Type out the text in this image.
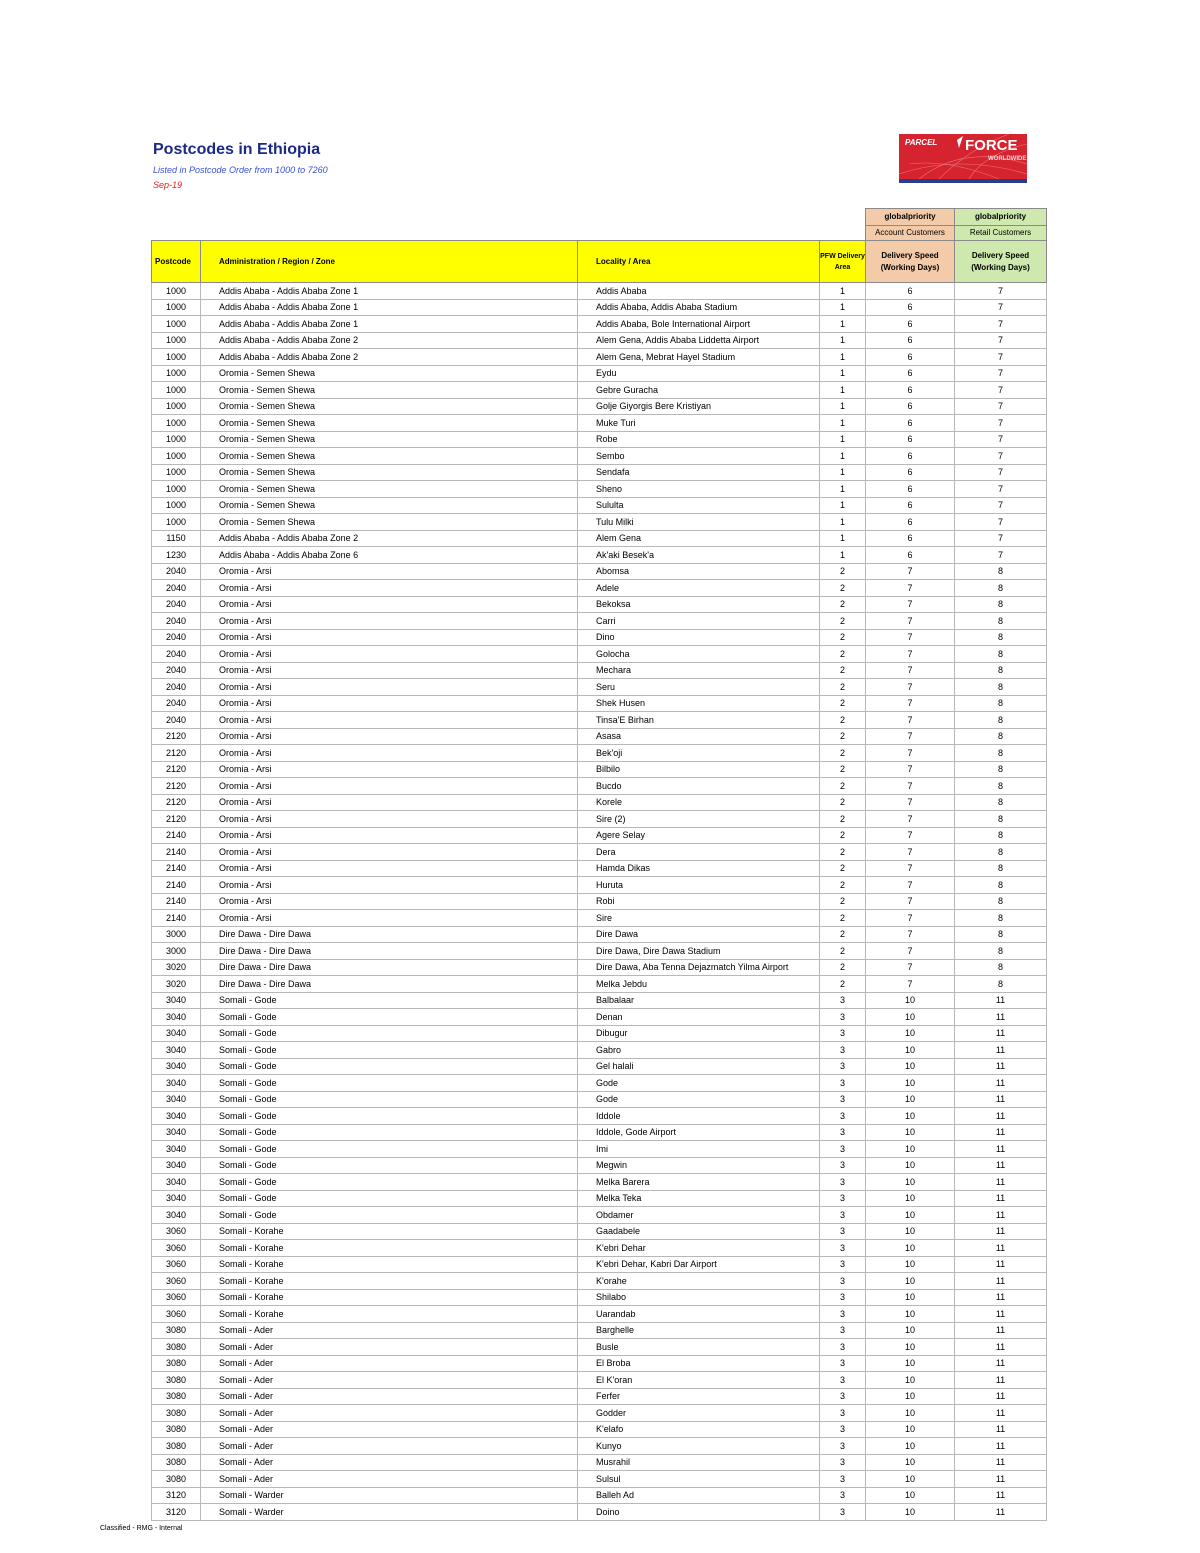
Postcodes in Ethiopia
Listed in Postcode Order from 1000 to 7260
Sep-19
PARCEL FORCE
WORLDWIDE
				globalpriority	globalpriority
				Account Customers	Retail Customers
Postcode	Administration / Region / Zone	Locality / Area	PFW Delivery Area	Delivery Speed (Working Days)	Delivery Speed (Working Days)
1000	Addis Ababa - Addis Ababa Zone 1	Addis Ababa	1	6	7
1000	Addis Ababa - Addis Ababa Zone 1	Addis Ababa, Addis Ababa Stadium	1	6	7
1000	Addis Ababa - Addis Ababa Zone 1	Addis Ababa, Bole International Airport	1	6	7
1000	Addis Ababa - Addis Ababa Zone 2	Alem Gena, Addis Ababa Liddetta Airport	1	6	7
1000	Addis Ababa - Addis Ababa Zone 2	Alem Gena, Mebrat Hayel Stadium	1	6	7
1000	Oromia - Semen Shewa	Eydu	1	6	7
1000	Oromia - Semen Shewa	Gebre Guracha	1	6	7
1000	Oromia - Semen Shewa	Golje Giyorgis Bere Kristiyan	1	6	7
1000	Oromia - Semen Shewa	Muke Turi	1	6	7
1000	Oromia - Semen Shewa	Robe	1	6	7
1000	Oromia - Semen Shewa	Sembo	1	6	7
1000	Oromia - Semen Shewa	Sendafa	1	6	7
1000	Oromia - Semen Shewa	Sheno	1	6	7
1000	Oromia - Semen Shewa	Sululta	1	6	7
1000	Oromia - Semen Shewa	Tulu Milki	1	6	7
1150	Addis Ababa - Addis Ababa Zone 2	Alem Gena	1	6	7
1230	Addis Ababa - Addis Ababa Zone 6	Ak'aki Besek'a	1	6	7
2040	Oromia - Arsi	Abomsa	2	7	8
2040	Oromia - Arsi	Adele	2	7	8
2040	Oromia - Arsi	Bekoksa	2	7	8
2040	Oromia - Arsi	Carri	2	7	8
2040	Oromia - Arsi	Dino	2	7	8
2040	Oromia - Arsi	Golocha	2	7	8
2040	Oromia - Arsi	Mechara	2	7	8
2040	Oromia - Arsi	Seru	2	7	8
2040	Oromia - Arsi	Shek Husen	2	7	8
2040	Oromia - Arsi	Tinsa'E Birhan	2	7	8
2120	Oromia - Arsi	Asasa	2	7	8
2120	Oromia - Arsi	Bek'oji	2	7	8
2120	Oromia - Arsi	Bilbilo	2	7	8
2120	Oromia - Arsi	Bucdo	2	7	8
2120	Oromia - Arsi	Korele	2	7	8
2120	Oromia - Arsi	Sire (2)	2	7	8
2140	Oromia - Arsi	Agere Selay	2	7	8
2140	Oromia - Arsi	Dera	2	7	8
2140	Oromia - Arsi	Hamda Dikas	2	7	8
2140	Oromia - Arsi	Huruta	2	7	8
2140	Oromia - Arsi	Robi	2	7	8
2140	Oromia - Arsi	Sire	2	7	8
3000	Dire Dawa - Dire Dawa	Dire Dawa	2	7	8
3000	Dire Dawa - Dire Dawa	Dire Dawa, Dire Dawa Stadium	2	7	8
3020	Dire Dawa - Dire Dawa	Dire Dawa, Aba Tenna Dejazmatch Yilma Airport	2	7	8
3020	Dire Dawa - Dire Dawa	Melka Jebdu	2	7	8
3040	Somali - Gode	Balbalaar	3	10	11
3040	Somali - Gode	Denan	3	10	11
3040	Somali - Gode	Dibugur	3	10	11
3040	Somali - Gode	Gabro	3	10	11
3040	Somali - Gode	Gel halali	3	10	11
3040	Somali - Gode	Gode	3	10	11
3040	Somali - Gode	Gode	3	10	11
3040	Somali - Gode	Iddole	3	10	11
3040	Somali - Gode	Iddole, Gode Airport	3	10	11
3040	Somali - Gode	Imi	3	10	11
3040	Somali - Gode	Megwin	3	10	11
3040	Somali - Gode	Melka Barera	3	10	11
3040	Somali - Gode	Melka Teka	3	10	11
3040	Somali - Gode	Obdamer	3	10	11
3060	Somali - Korahe	Gaadabele	3	10	11
3060	Somali - Korahe	K'ebri Dehar	3	10	11
3060	Somali - Korahe	K'ebri Dehar, Kabri Dar Airport	3	10	11
3060	Somali - Korahe	K'orahe	3	10	11
3060	Somali - Korahe	Shilabo	3	10	11
3060	Somali - Korahe	Uarandab	3	10	11
3080	Somali - Ader	Barghelle	3	10	11
3080	Somali - Ader	Busle	3	10	11
3080	Somali - Ader	El Broba	3	10	11
3080	Somali - Ader	El K'oran	3	10	11
3080	Somali - Ader	Ferfer	3	10	11
3080	Somali - Ader	Godder	3	10	11
3080	Somali - Ader	K'elafo	3	10	11
3080	Somali - Ader	Kunyo	3	10	11
3080	Somali - Ader	Musrahil	3	10	11
3080	Somali - Ader	Sulsul	3	10	11
3120	Somali - Warder	Balleh Ad	3	10	11
3120	Somali - Warder	Doino	3	10	11
Classified - RMG - Internal
